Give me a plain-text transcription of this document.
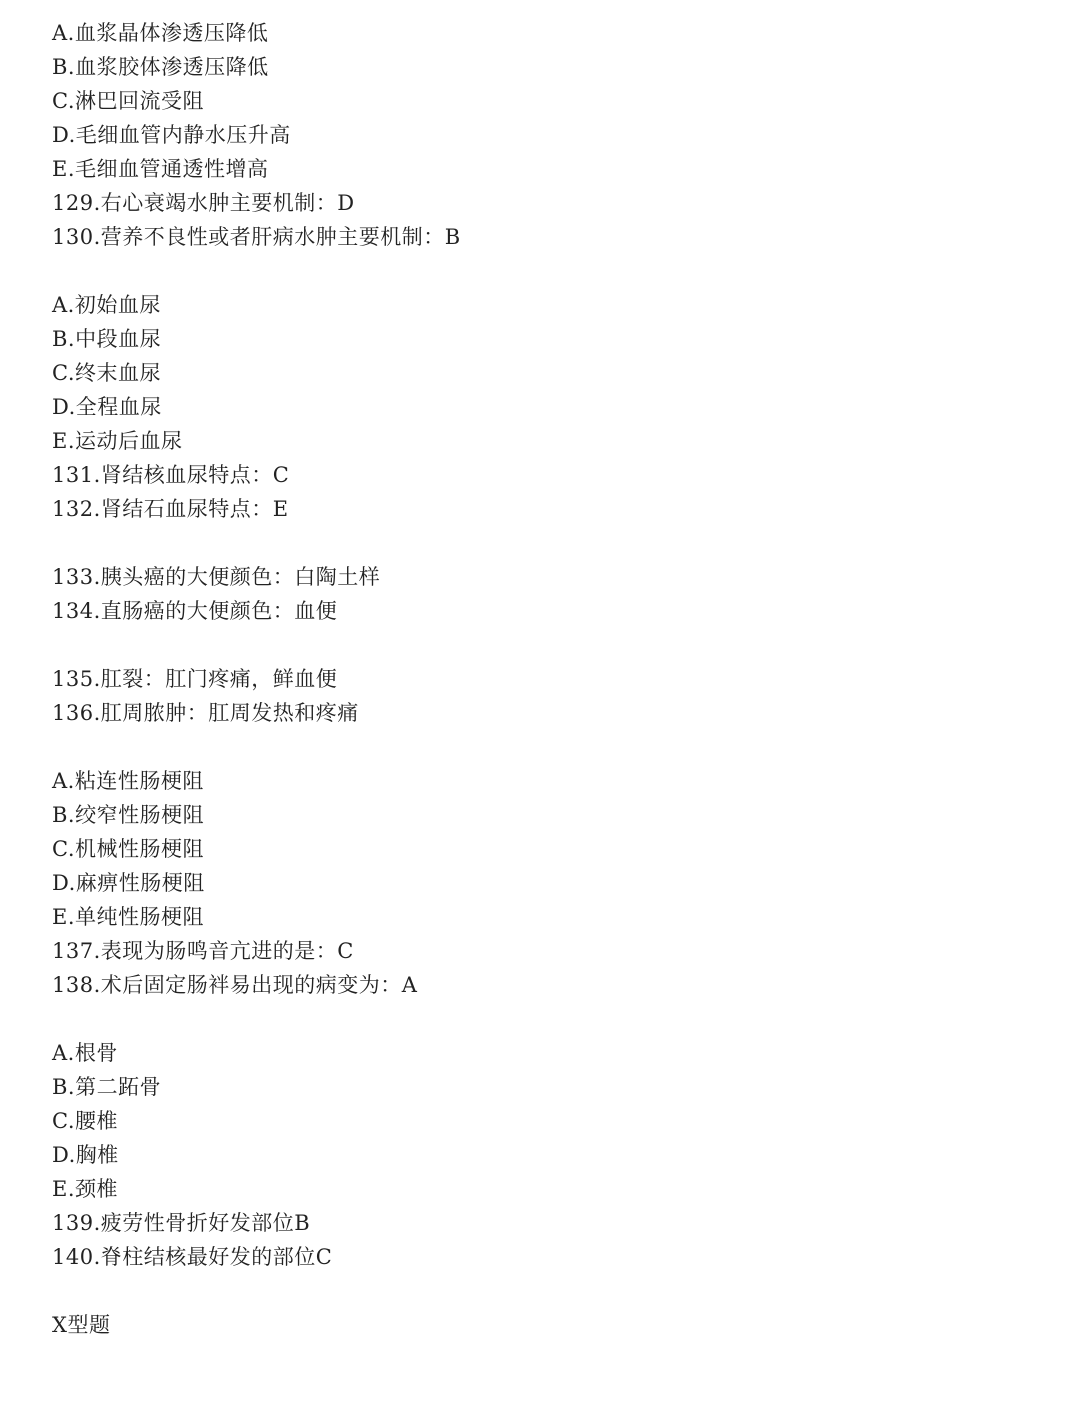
A.血浆晶体渗透压降低
B.血浆胶体渗透压降低
C.淋巴回流受阻
D.毛细血管内静水压升高
E.毛细血管通透性增高
129.右心衰竭水肿主要机制：D
130.营养不良性或者肝病水肿主要机制：B
A.初始血尿
B.中段血尿
C.终末血尿
D.全程血尿
E.运动后血尿
131.肾结核血尿特点：C
132.肾结石血尿特点：E
133.胰头癌的大便颜色：白陶土样
134.直肠癌的大便颜色：血便
135.肛裂：肛门疼痛，鲜血便
136.肛周脓肿：肛周发热和疼痛
A.粘连性肠梗阻
B.绞窄性肠梗阻
C.机械性肠梗阻
D.麻痹性肠梗阻
E.单纯性肠梗阻
137.表现为肠鸣音亢进的是：C
138.术后固定肠袢易出现的病变为：A
A.根骨
B.第二跖骨
C.腰椎
D.胸椎
E.颈椎
139.疲劳性骨折好发部位B
140.脊柱结核最好发的部位C
X型题
